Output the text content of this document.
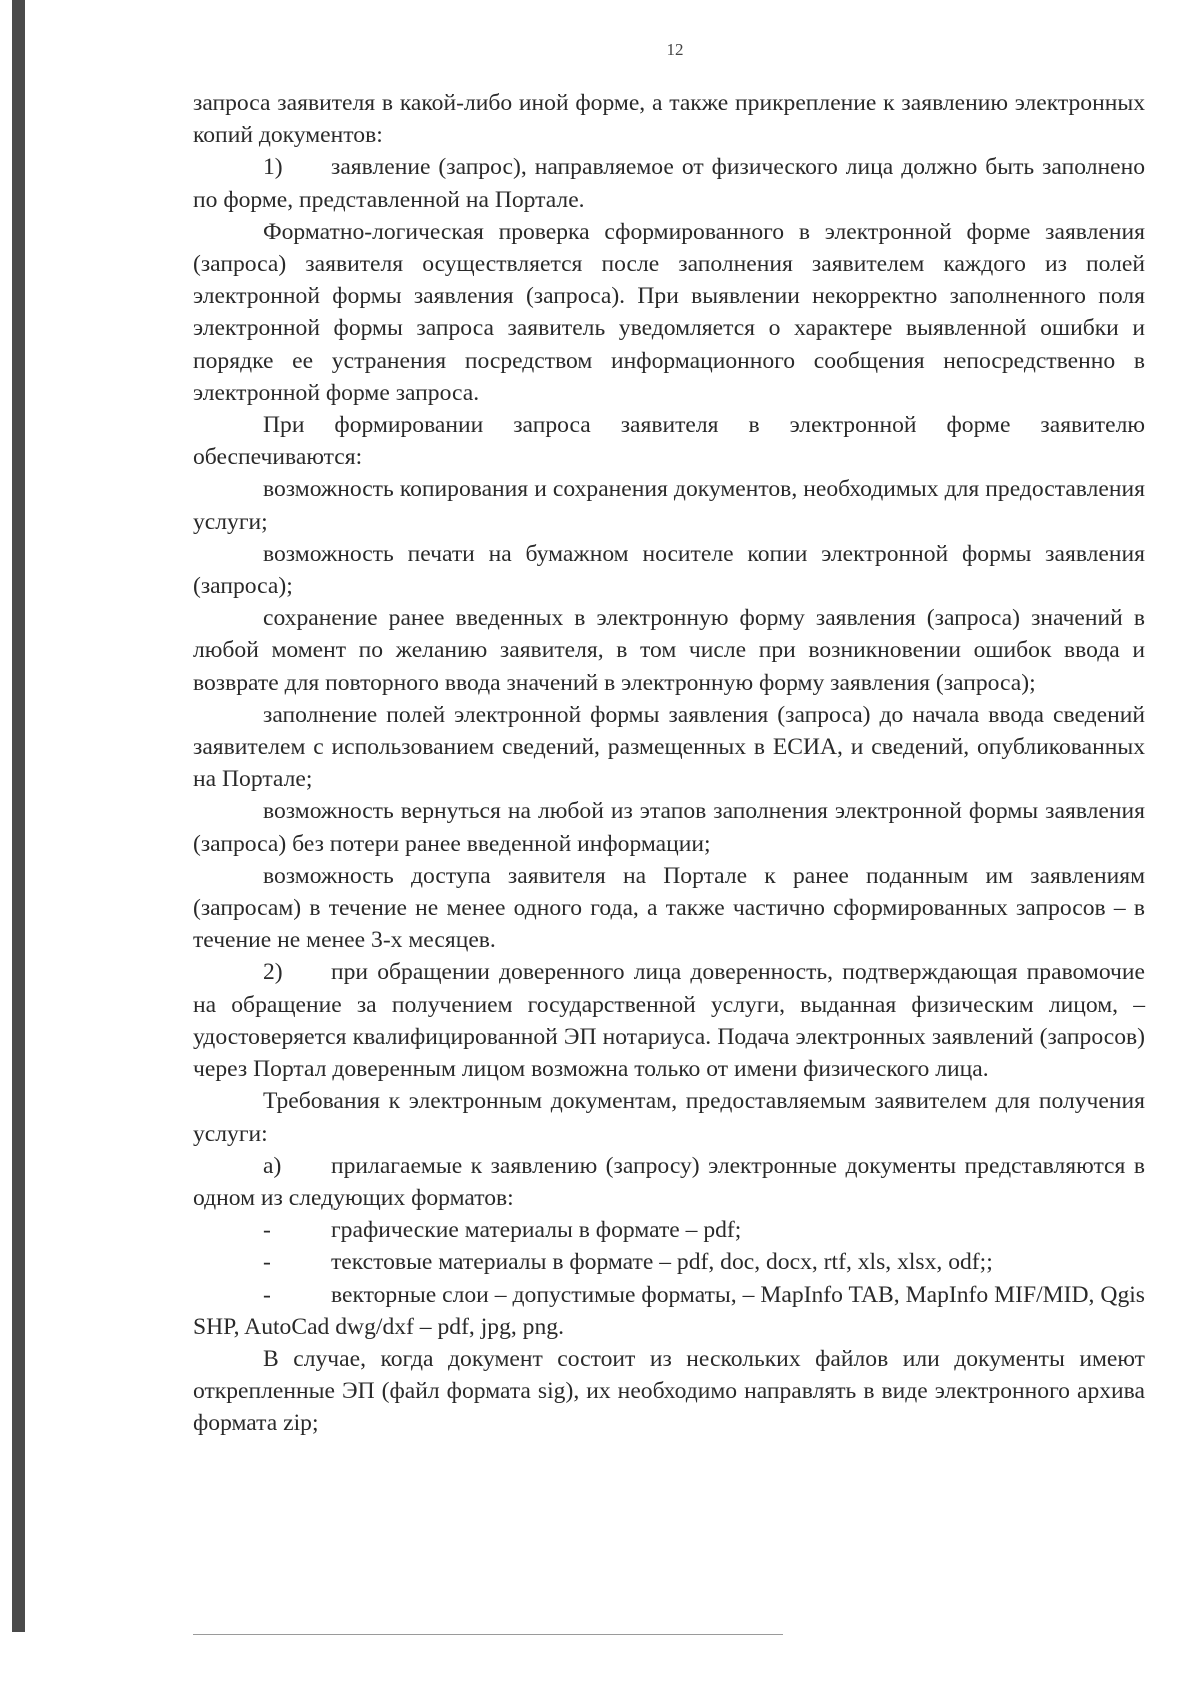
12

запроса заявителя в какой-либо иной форме, а также прикрепление к заявлению электронных копий документов:

1) заявление (запрос), направляемое от физического лица должно быть заполнено по форме, представленной на Портале.

Форматно-логическая проверка сформированного в электронной форме заявления (запроса) заявителя осуществляется после заполнения заявителем каждого из полей электронной формы заявления (запроса). При выявлении некорректно заполненного поля электронной формы запроса заявитель уведомляется о характере выявленной ошибки и порядке ее устранения посредством информационного сообщения непосредственно в электронной форме запроса.

При формировании запроса заявителя в электронной форме заявителю обеспечиваются:

возможность копирования и сохранения документов, необходимых для предоставления услуги;

возможность печати на бумажном носителе копии электронной формы заявления (запроса);

сохранение ранее введенных в электронную форму заявления (запроса) значений в любой момент по желанию заявителя, в том числе при возникновении ошибок ввода и возврате для повторного ввода значений в электронную форму заявления (запроса);

заполнение полей электронной формы заявления (запроса) до начала ввода сведений заявителем с использованием сведений, размещенных в ЕСИА, и сведений, опубликованных на Портале;

возможность вернуться на любой из этапов заполнения электронной формы заявления (запроса) без потери ранее введенной информации;

возможность доступа заявителя на Портале к ранее поданным им заявлениям (запросам) в течение не менее одного года, а также частично сформированных запросов – в течение не менее 3-х месяцев.

2) при обращении доверенного лица доверенность, подтверждающая правомочие на обращение за получением государственной услуги, выданная физическим лицом, – удостоверяется квалифицированной ЭП нотариуса. Подача электронных заявлений (запросов) через Портал доверенным лицом возможна только от имени физического лица.

Требования к электронным документам, предоставляемым заявителем для получения услуги:

а) прилагаемые к заявлению (запросу) электронные документы представляются в одном из следующих форматов:

-	графические материалы в формате – pdf;

-	текстовые материалы в формате – pdf, doc, docx, rtf, xls, xlsx, odf;;

-	векторные слои – допустимые форматы, – MapInfo TAB, MapInfo MIF/MID, Qgis SHP, AutoCad dwg/dxf – pdf, jpg, png.

В случае, когда документ состоит из нескольких файлов или документы имеют открепленные ЭП (файл формата sig), их необходимо направлять в виде электронного архива формата zip;
